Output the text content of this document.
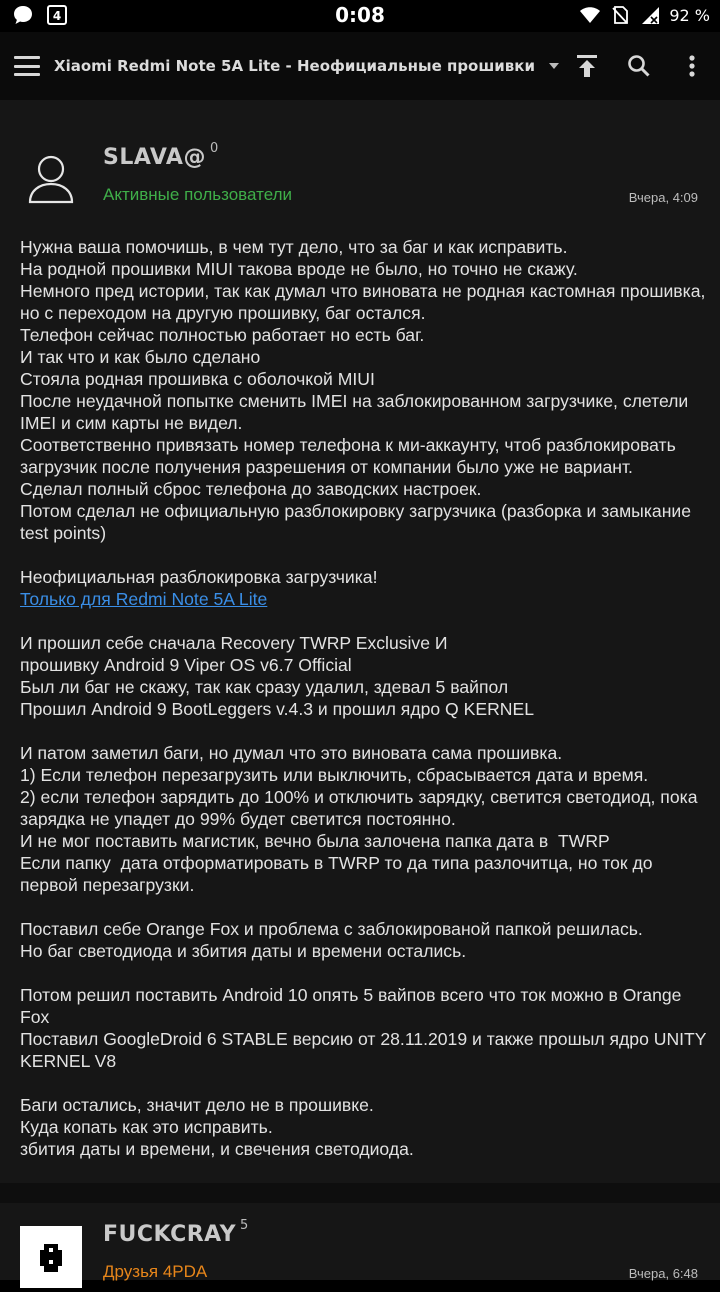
4	0:08	92 %
Xiaomi Redmi Note 5A Lite - Неофициальные прошивки
SLAVA@ $^0$
Активные пользователи	Вчера, 4:09
Нужна ваша помочишь, в чем тут дело, что за баг и как исправить.
На родной прошивки MIUI такова вроде не было, но точно не скажу.
Немного пред истории, так как думал что виновата не родная кастомная прошивка, но с переходом на другую прошивку, баг остался.
Телефон сейчас полностью работает но есть баг.
И так что и как было сделано
Стояла родная прошивка с оболочкой MIUI
После неудачной попытке сменить IMEI на заблокированном загрузчике, слетели IMEI и сим карты не видел.
Соответственно привязать номер телефона к ми-аккаунту, чтоб разблокировать загрузчик после получения разрешения от компании было уже не вариант.
Сделал полный сброс телефона до заводских настроек.
Потом сделал не официальную разблокировку загрузчика (разборка и замыкание test points)
Неофициальная разблокировка загрузчика!
Только для Redmi Note 5A Lite
И прошил себе сначала Recovery TWRP Exclusive И
прошивку Android 9 Viper OS v6.7 Official
Был ли баг не скажу, так как сразу удалил, здевал 5 вайпол
Прошил Android 9 BootLeggers v.4.3 и прошил ядро Q KERNEL
И патом заметил баги, но думал что это виновата сама прошивка.
1) Если телефон перезагрузить или выключить, сбрасывается дата и время.
2) если телефон зарядить до 100% и отключить зарядку, светится светодиод, пока зарядка не упадет до 99% будет светится постоянно.
И не мог поставить магистик, вечно была залочена папка дата в  TWRP
Если папку  дата отформатировать в TWRP то да типа разлочитца, но ток до первой перезагрузки.
Поставил себе Orange Fox и проблема с заблокированой папкой решилась.
Но баг светодиода и збития даты и времени остались.
Потом решил поставить Android 10 опять 5 вайпов всего что ток можно в Orange Fox
Поставил GoogleDroid 6 STABLE версию от 28.11.2019 и также прошыл ядро UNITY KERNEL V8
Баги остались, значит дело не в прошивке.
Куда копать как это исправить.
збития даты и времени, и свечения светодиода.
FUCKCRAY $^5$
Друзья 4PDA	Вчера, 6:48
